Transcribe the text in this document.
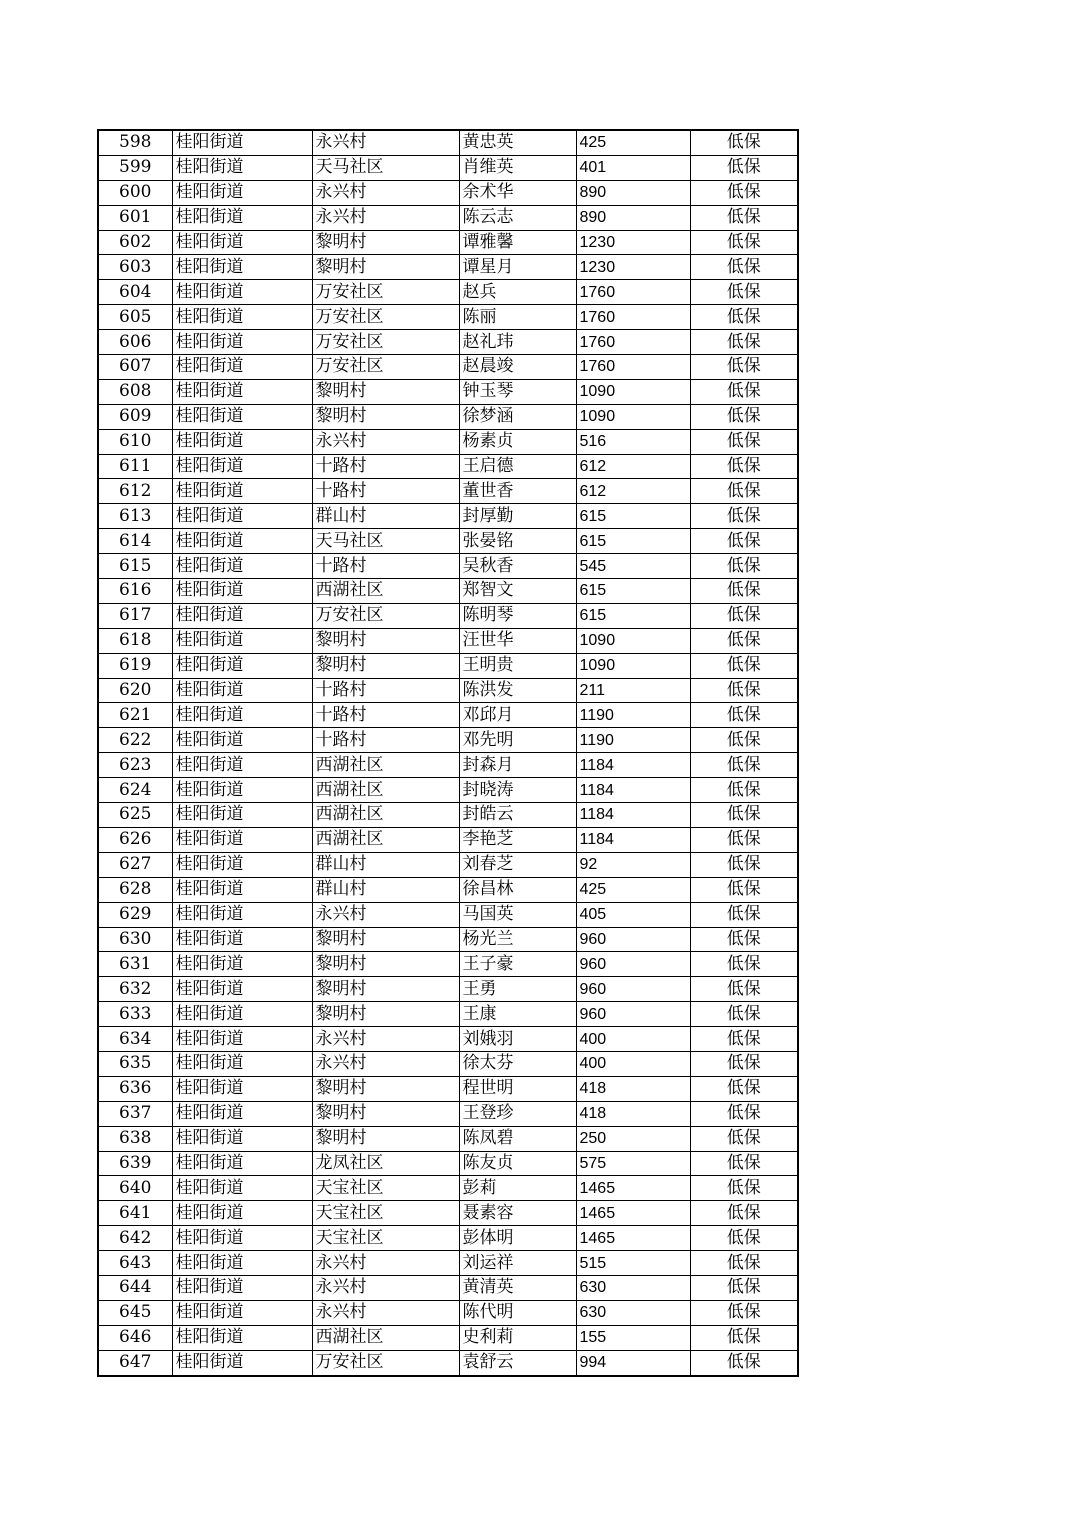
598	桂阳街道	永兴村	黄忠英	425	低保
599	桂阳街道	天马社区	肖维英	401	低保
600	桂阳街道	永兴村	余术华	890	低保
601	桂阳街道	永兴村	陈云志	890	低保
602	桂阳街道	黎明村	谭雅馨	1230	低保
603	桂阳街道	黎明村	谭星月	1230	低保
604	桂阳街道	万安社区	赵兵	1760	低保
605	桂阳街道	万安社区	陈丽	1760	低保
606	桂阳街道	万安社区	赵礼玮	1760	低保
607	桂阳街道	万安社区	赵晨竣	1760	低保
608	桂阳街道	黎明村	钟玉琴	1090	低保
609	桂阳街道	黎明村	徐梦涵	1090	低保
610	桂阳街道	永兴村	杨素贞	516	低保
611	桂阳街道	十路村	王启德	612	低保
612	桂阳街道	十路村	董世香	612	低保
613	桂阳街道	群山村	封厚勤	615	低保
614	桂阳街道	天马社区	张晏铭	615	低保
615	桂阳街道	十路村	吴秋香	545	低保
616	桂阳街道	西湖社区	郑智文	615	低保
617	桂阳街道	万安社区	陈明琴	615	低保
618	桂阳街道	黎明村	汪世华	1090	低保
619	桂阳街道	黎明村	王明贵	1090	低保
620	桂阳街道	十路村	陈洪发	211	低保
621	桂阳街道	十路村	邓邱月	1190	低保
622	桂阳街道	十路村	邓先明	1190	低保
623	桂阳街道	西湖社区	封森月	1184	低保
624	桂阳街道	西湖社区	封晓涛	1184	低保
625	桂阳街道	西湖社区	封皓云	1184	低保
626	桂阳街道	西湖社区	李艳芝	1184	低保
627	桂阳街道	群山村	刘春芝	92	低保
628	桂阳街道	群山村	徐昌林	425	低保
629	桂阳街道	永兴村	马国英	405	低保
630	桂阳街道	黎明村	杨光兰	960	低保
631	桂阳街道	黎明村	王子豪	960	低保
632	桂阳街道	黎明村	王勇	960	低保
633	桂阳街道	黎明村	王康	960	低保
634	桂阳街道	永兴村	刘娥羽	400	低保
635	桂阳街道	永兴村	徐太芬	400	低保
636	桂阳街道	黎明村	程世明	418	低保
637	桂阳街道	黎明村	王登珍	418	低保
638	桂阳街道	黎明村	陈凤碧	250	低保
639	桂阳街道	龙凤社区	陈友贞	575	低保
640	桂阳街道	天宝社区	彭莉	1465	低保
641	桂阳街道	天宝社区	聂素容	1465	低保
642	桂阳街道	天宝社区	彭体明	1465	低保
643	桂阳街道	永兴村	刘运祥	515	低保
644	桂阳街道	永兴村	黄清英	630	低保
645	桂阳街道	永兴村	陈代明	630	低保
646	桂阳街道	西湖社区	史利莉	155	低保
647	桂阳街道	万安社区	袁舒云	994	低保
